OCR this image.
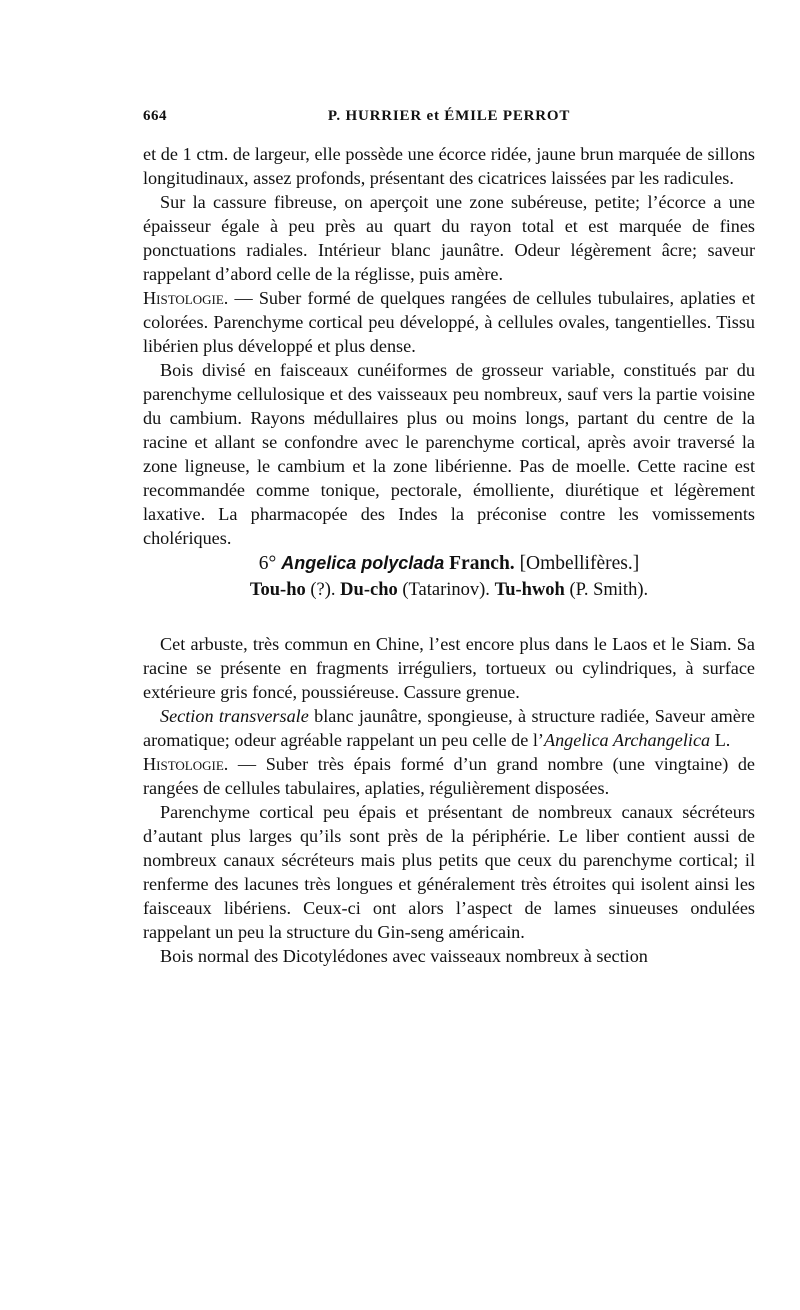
664	P. HURRIER et ÉMILE PERROT

et de 1 ctm. de largeur, elle possède une écorce ridée, jaune brun marquée de sillons longitudinaux, assez profonds, présentant des cicatrices laissées par les radicules.

Sur la cassure fibreuse, on aperçoit une zone subéreuse, petite; l’écorce a une épaisseur égale à peu près au quart du rayon total et est marquée de fines ponctuations radiales. Intérieur blanc jaunâtre. Odeur légèrement âcre; saveur rappelant d’abord celle de la réglisse, puis amère.

Histologie. — Suber formé de quelques rangées de cellules tubulaires, aplaties et colorées. Parenchyme cortical peu développé, à cellules ovales, tangentielles. Tissu libérien plus développé et plus dense.

Bois divisé en faisceaux cunéiformes de grosseur variable, constitués par du parenchyme cellulosique et des vaisseaux peu nombreux, sauf vers la partie voisine du cambium. Rayons médullaires plus ou moins longs, partant du centre de la racine et allant se confondre avec le parenchyme cortical, après avoir traversé la zone ligneuse, le cambium et la zone libérienne. Pas de moelle. Cette racine est recommandée comme tonique, pectorale, émolliente, diurétique et légèrement laxative. La pharmacopée des Indes la préconise contre les vomissements cholériques.

6° Angelica polyclada Franch. [Ombellifères.]

Tou-ho (?). Du-cho (Tatarinov). Tu-hwoh (P. Smith).

Cet arbuste, très commun en Chine, l’est encore plus dans le Laos et le Siam. Sa racine se présente en fragments irréguliers, tortueux ou cylindriques, à surface extérieure gris foncé, poussiéreuse. Cassure grenue.

Section transversale blanc jaunâtre, spongieuse, à structure radiée, Saveur amère aromatique; odeur agréable rappelant un peu celle de l’Angelica Archangelica L.

Histologie. — Suber très épais formé d’un grand nombre (une vingtaine) de rangées de cellules tabulaires, aplaties, régulièrement disposées.

Parenchyme cortical peu épais et présentant de nombreux canaux sécréteurs d’autant plus larges qu’ils sont près de la périphérie. Le liber contient aussi de nombreux canaux sécréteurs mais plus petits que ceux du parenchyme cortical; il renferme des lacunes très longues et généralement très étroites qui isolent ainsi les faisceaux libériens. Ceux-ci ont alors l’aspect de lames sinueuses ondulées rappelant un peu la structure du Gin-seng américain.

Bois normal des Dicotylédones avec vaisseaux nombreux à section
